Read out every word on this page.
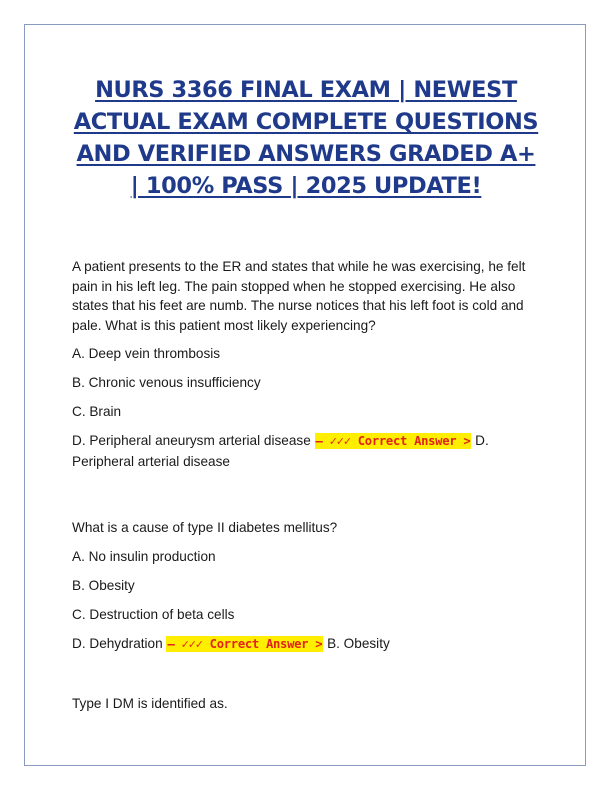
NURS 3366 FINAL EXAM | NEWEST ACTUAL EXAM COMPLETE QUESTIONS AND VERIFIED ANSWERS GRADED A+ | 100% PASS | 2025 UPDATE!

A patient presents to the ER and states that while he was exercising, he felt pain in his left leg. The pain stopped when he stopped exercising. He also states that his feet are numb. The nurse notices that his left foot is cold and pale. What is this patient most likely experiencing?

A. Deep vein thrombosis

B. Chronic venous insufficiency

C. Brain

D. Peripheral aneurysm arterial disease – ✓✓✓ Correct Answer > D. Peripheral arterial disease

What is a cause of type II diabetes mellitus?

A. No insulin production

B. Obesity

C. Destruction of beta cells

D. Dehydration – ✓✓✓ Correct Answer > B. Obesity

Type I DM is identified as.
